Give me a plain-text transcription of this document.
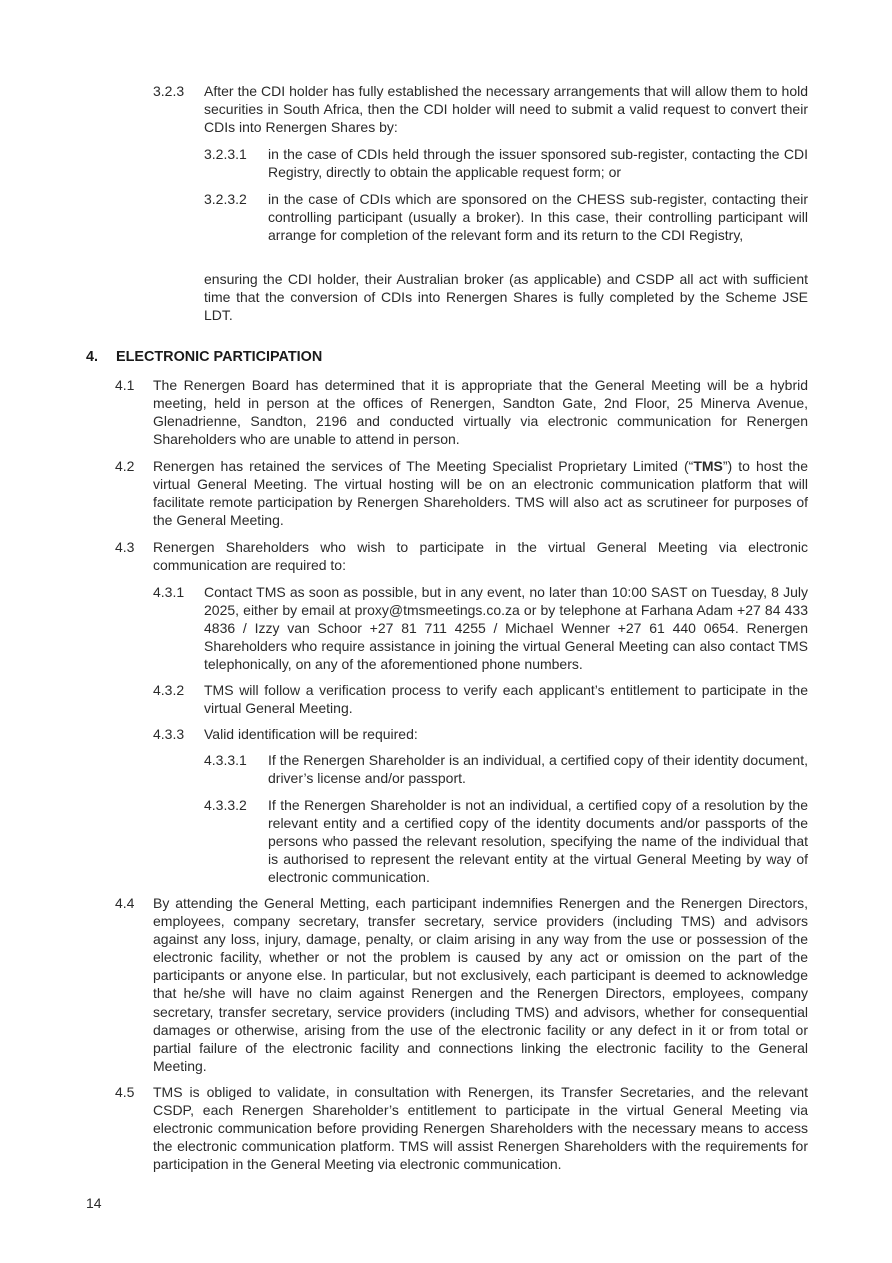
3.2.3 After the CDI holder has fully established the necessary arrangements that will allow them to hold securities in South Africa, then the CDI holder will need to submit a valid request to convert their CDIs into Renergen Shares by:
3.2.3.1 in the case of CDIs held through the issuer sponsored sub-register, contacting the CDI Registry, directly to obtain the applicable request form; or
3.2.3.2 in the case of CDIs which are sponsored on the CHESS sub-register, contacting their controlling participant (usually a broker). In this case, their controlling participant will arrange for completion of the relevant form and its return to the CDI Registry,
ensuring the CDI holder, their Australian broker (as applicable) and CSDP all act with sufficient time that the conversion of CDIs into Renergen Shares is fully completed by the Scheme JSE LDT.
4. ELECTRONIC PARTICIPATION
4.1 The Renergen Board has determined that it is appropriate that the General Meeting will be a hybrid meeting, held in person at the offices of Renergen, Sandton Gate, 2nd Floor, 25 Minerva Avenue, Glenadrienne, Sandton, 2196 and conducted virtually via electronic communication for Renergen Shareholders who are unable to attend in person.
4.2 Renergen has retained the services of The Meeting Specialist Proprietary Limited (“TMS”) to host the virtual General Meeting. The virtual hosting will be on an electronic communication platform that will facilitate remote participation by Renergen Shareholders. TMS will also act as scrutineer for purposes of the General Meeting.
4.3 Renergen Shareholders who wish to participate in the virtual General Meeting via electronic communication are required to:
4.3.1 Contact TMS as soon as possible, but in any event, no later than 10:00 SAST on Tuesday, 8 July 2025, either by email at proxy@tmsmeetings.co.za or by telephone at Farhana Adam +27 84 433 4836 / Izzy van Schoor +27 81 711 4255 / Michael Wenner +27 61 440 0654. Renergen Shareholders who require assistance in joining the virtual General Meeting can also contact TMS telephonically, on any of the aforementioned phone numbers.
4.3.2 TMS will follow a verification process to verify each applicant’s entitlement to participate in the virtual General Meeting.
4.3.3 Valid identification will be required:
4.3.3.1 If the Renergen Shareholder is an individual, a certified copy of their identity document, driver’s license and/or passport.
4.3.3.2 If the Renergen Shareholder is not an individual, a certified copy of a resolution by the relevant entity and a certified copy of the identity documents and/or passports of the persons who passed the relevant resolution, specifying the name of the individual that is authorised to represent the relevant entity at the virtual General Meeting by way of electronic communication.
4.4 By attending the General Metting, each participant indemnifies Renergen and the Renergen Directors, employees, company secretary, transfer secretary, service providers (including TMS) and advisors against any loss, injury, damage, penalty, or claim arising in any way from the use or possession of the electronic facility, whether or not the problem is caused by any act or omission on the part of the participants or anyone else. In particular, but not exclusively, each participant is deemed to acknowledge that he/she will have no claim against Renergen and the Renergen Directors, employees, company secretary, transfer secretary, service providers (including TMS) and advisors, whether for consequential damages or otherwise, arising from the use of the electronic facility or any defect in it or from total or partial failure of the electronic facility and connections linking the electronic facility to the General Meeting.
4.5 TMS is obliged to validate, in consultation with Renergen, its Transfer Secretaries, and the relevant CSDP, each Renergen Shareholder’s entitlement to participate in the virtual General Meeting via electronic communication before providing Renergen Shareholders with the necessary means to access the electronic communication platform. TMS will assist Renergen Shareholders with the requirements for participation in the General Meeting via electronic communication.
14
